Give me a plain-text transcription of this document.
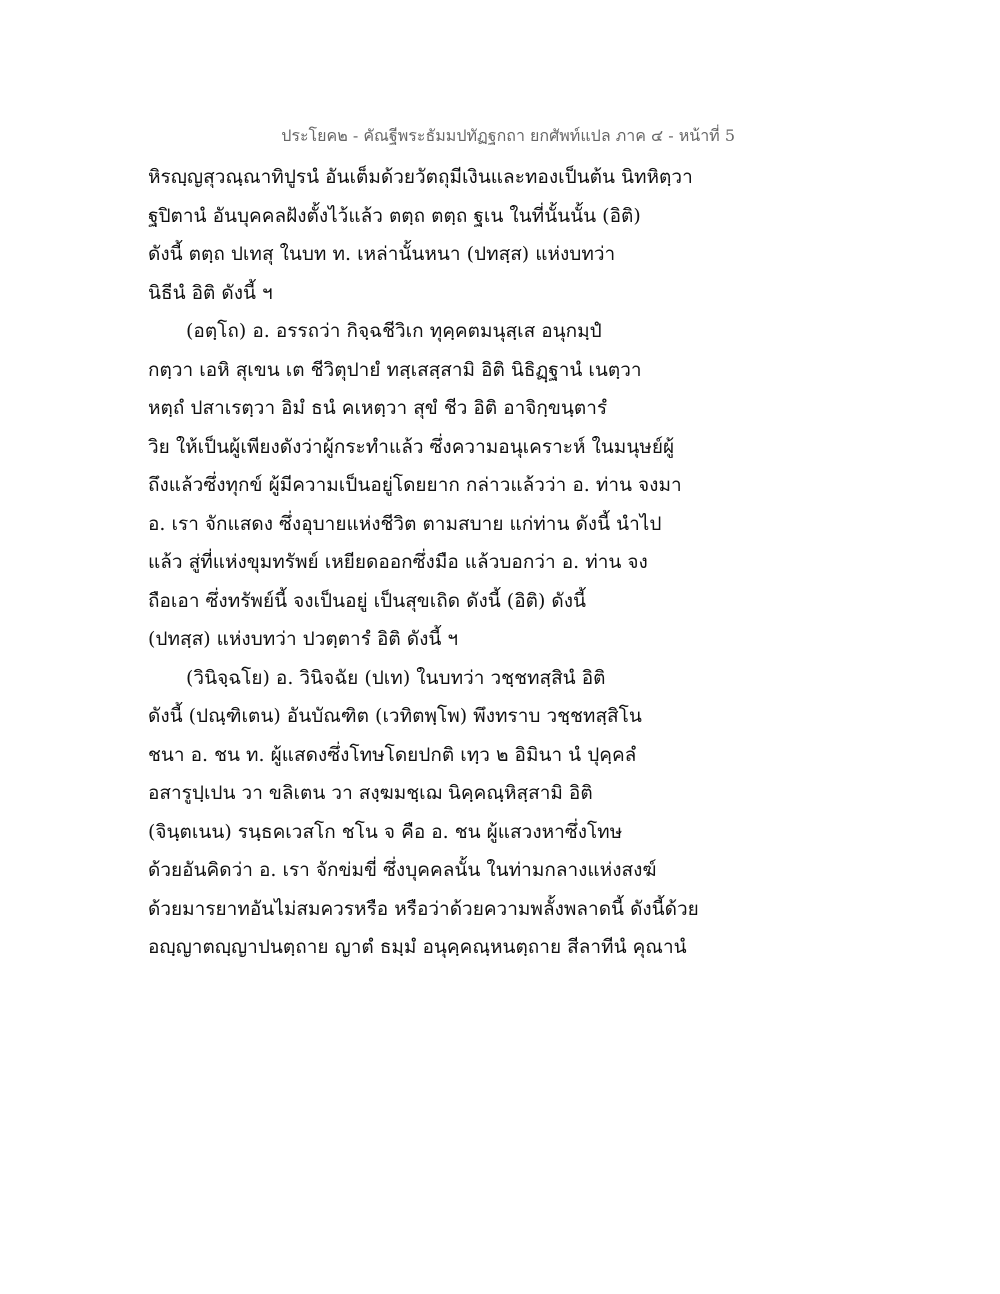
ประโยค๒ - คัณฐีพระธัมมปทัฏฐกถา ยกศัพท์แปล ภาค ๔ - หน้าที่ 5
หิรญฺญสุวณฺณาทิปูรนํ อันเต็มด้วยวัตถุมีเงินและทองเป็นต้น นิทหิตฺวา
ฐปิตานํ อันบุคคลฝังตั้งไว้แล้ว ตตฺถ ตตฺถ ฐเน ในที่นั้นนั้น (อิติ)
ดังนี้ ตตฺถ ปเทสุ ในบท ท. เหล่านั้นหนา (ปทสฺส) แห่งบทว่า
นิธีนํ อิติ ดังนี้ ฯ
(อตฺโถ) อ. อรรถว่า กิจฺฉชีวิเก ทุคฺคตมนุสฺเส อนุกมฺปํ
กตฺวา เอหิ สุเขน เต ชีวิตุปายํ ทสฺเสสฺสามิ อิติ นิธิฏฺฐานํ เนตฺวา
หตฺถํ ปสาเรตฺวา อิมํ ธนํ คเหตฺวา สุขํ ชีว อิติ อาจิกฺขนฺตารํ
วิย ให้เป็นผู้เพียงดังว่าผู้กระทำแล้ว ซึ่งความอนุเคราะห์ ในมนุษย์ผู้
ถึงแล้วซึ่งทุกข์ ผู้มีความเป็นอยู่โดยยาก กล่าวแล้วว่า อ. ท่าน จงมา
อ. เรา จักแสดง ซึ่งอุบายแห่งชีวิต ตามสบาย แก่ท่าน ดังนี้ นำไป
แล้ว สู่ที่แห่งขุมทรัพย์ เหยียดออกซึ่งมือ แล้วบอกว่า อ. ท่าน จง
ถือเอา ซึ่งทรัพย์นี้ จงเป็นอยู่ เป็นสุขเถิด ดังนี้ (อิติ) ดังนี้
(ปทสฺส) แห่งบทว่า ปวตฺตารํ อิติ ดังนี้ ฯ
(วินิจฺฉโย) อ. วินิจฉัย (ปเท) ในบทว่า วชฺชทสฺสินํ อิติ
ดังนี้ (ปณฺฑิเตน) อันบัณฑิต (เวทิตพฺโพ) พึงทราบ วชฺชทสฺสิโน
ชนา อ. ชน ท. ผู้แสดงซึ่งโทษโดยปกติ เทฺว ๒ อิมินา นํ ปุคฺคลํ
อสารูปฺเปน วา ขลิเตน วา สงฺฆมชฺเฌ นิคฺคณฺหิสฺสามิ อิติ
(จินฺตเนน) รนฺธคเวสโก ชโน จ คือ อ. ชน ผู้แสวงหาซึ่งโทษ
ด้วยอันคิดว่า อ. เรา จักข่มขี่ ซึ่งบุคคลนั้น ในท่ามกลางแห่งสงฆ์
ด้วยมารยาทอันไม่สมควรหรือ หรือว่าด้วยความพลั้งพลาดนี้ ดังนี้ด้วย
อญฺญาตญฺญาปนตฺถาย ญาตํ ธมฺมํ อนุคฺคณฺหนตฺถาย สีลาทีนํ คุณานํ
